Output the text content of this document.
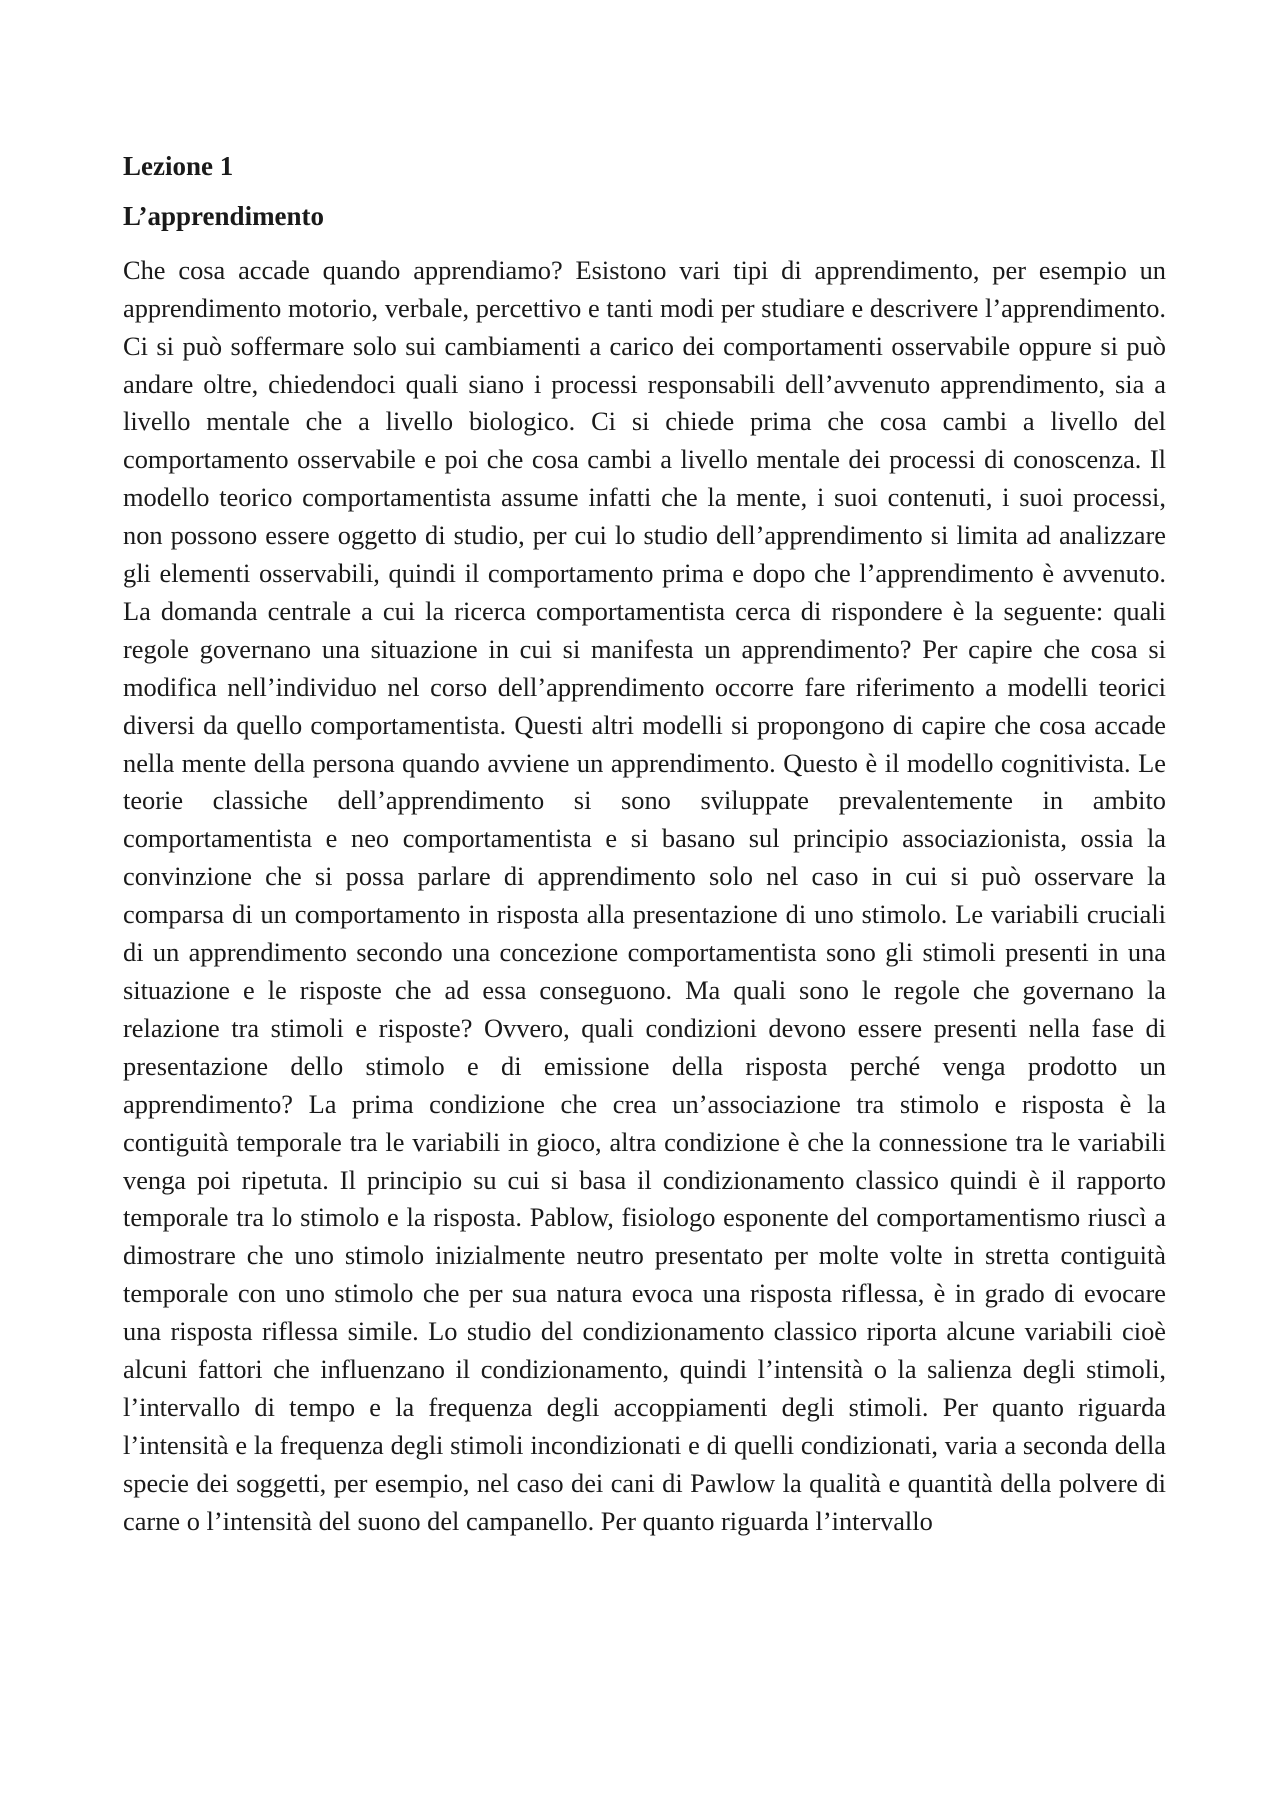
Lezione 1
L’apprendimento

Che cosa accade quando apprendiamo? Esistono vari tipi di apprendimento, per esempio un apprendimento motorio, verbale, percettivo e tanti modi per studiare e descrivere l’apprendimento. Ci si può soffermare solo sui cambiamenti a carico dei comportamenti osservabile oppure si può andare oltre, chiedendoci quali siano i processi responsabili dell’avvenuto apprendimento, sia a livello mentale che a livello biologico. Ci si chiede prima che cosa cambi a livello del comportamento osservabile e poi che cosa cambi a livello mentale dei processi di conoscenza. Il modello teorico comportamentista assume infatti che la mente, i suoi contenuti, i suoi processi, non possono essere oggetto di studio, per cui lo studio dell’apprendimento si limita ad analizzare gli elementi osservabili, quindi il comportamento prima e dopo che l’apprendimento è avvenuto. La domanda centrale a cui la ricerca comportamentista cerca di rispondere è la seguente: quali regole governano una situazione in cui si manifesta un apprendimento? Per capire che cosa si modifica nell’individuo nel corso dell’apprendimento occorre fare riferimento a modelli teorici diversi da quello comportamentista. Questi altri modelli si propongono di capire che cosa accade nella mente della persona quando avviene un apprendimento. Questo è il modello cognitivista. Le teorie classiche dell’apprendimento si sono sviluppate prevalentemente in ambito comportamentista e neo comportamentista e si basano sul principio associazionista, ossia la convinzione che si possa parlare di apprendimento solo nel caso in cui si può osservare la comparsa di un comportamento in risposta alla presentazione di uno stimolo. Le variabili cruciali di un apprendimento secondo una concezione comportamentista sono gli stimoli presenti in una situazione e le risposte che ad essa conseguono. Ma quali sono le regole che governano la relazione tra stimoli e risposte? Ovvero, quali condizioni devono essere presenti nella fase di presentazione dello stimolo e di emissione della risposta perché venga prodotto un apprendimento? La prima condizione che crea un’associazione tra stimolo e risposta è la contiguità temporale tra le variabili in gioco, altra condizione è che la connessione tra le variabili venga poi ripetuta. Il principio su cui si basa il condizionamento classico quindi è il rapporto temporale tra lo stimolo e la risposta. Pablow, fisiologo esponente del comportamentismo riuscì a dimostrare che uno stimolo inizialmente neutro presentato per molte volte in stretta contiguità temporale con uno stimolo che per sua natura evoca una risposta riflessa, è in grado di evocare una risposta riflessa simile. Lo studio del condizionamento classico riporta alcune variabili cioè alcuni fattori che influenzano il condizionamento, quindi l’intensità o la salienza degli stimoli, l’intervallo di tempo e la frequenza degli accoppiamenti degli stimoli. Per quanto riguarda l’intensità e la frequenza degli stimoli incondizionati e di quelli condizionati, varia a seconda della specie dei soggetti, per esempio, nel caso dei cani di Pawlow la qualità e quantità della polvere di carne o l’intensità del suono del campanello. Per quanto riguarda l’intervallo
